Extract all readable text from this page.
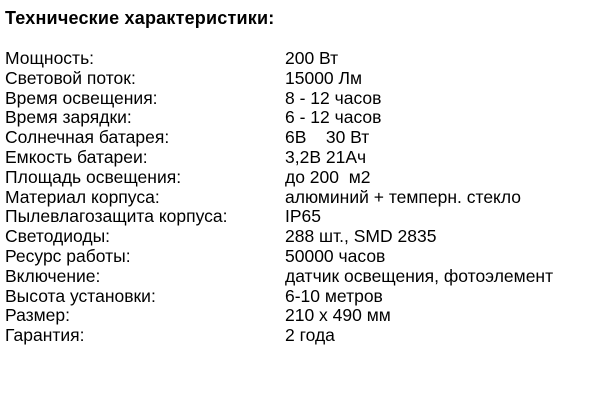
Технические характеристики:
Мощность:	200 Вт
Световой поток:	15000 Лм
Время освещения:	8 - 12 часов
Время зарядки:	6 - 12 часов
Солнечная батарея:	6В    30 Вт
Емкость батареи:	3,2В 21Ач
Площадь освещения:	до 200  м2
Материал корпуса:	алюминий + темперн. стекло
Пылевлагозащита корпуса:	IP65
Светодиоды:	288 шт., SMD 2835
Ресурс работы:	50000 часов
Включение:	датчик освещения, фотоэлемент
Высота установки:	6-10 метров
Размер:	210 х 490 мм
Гарантия:	2 года
